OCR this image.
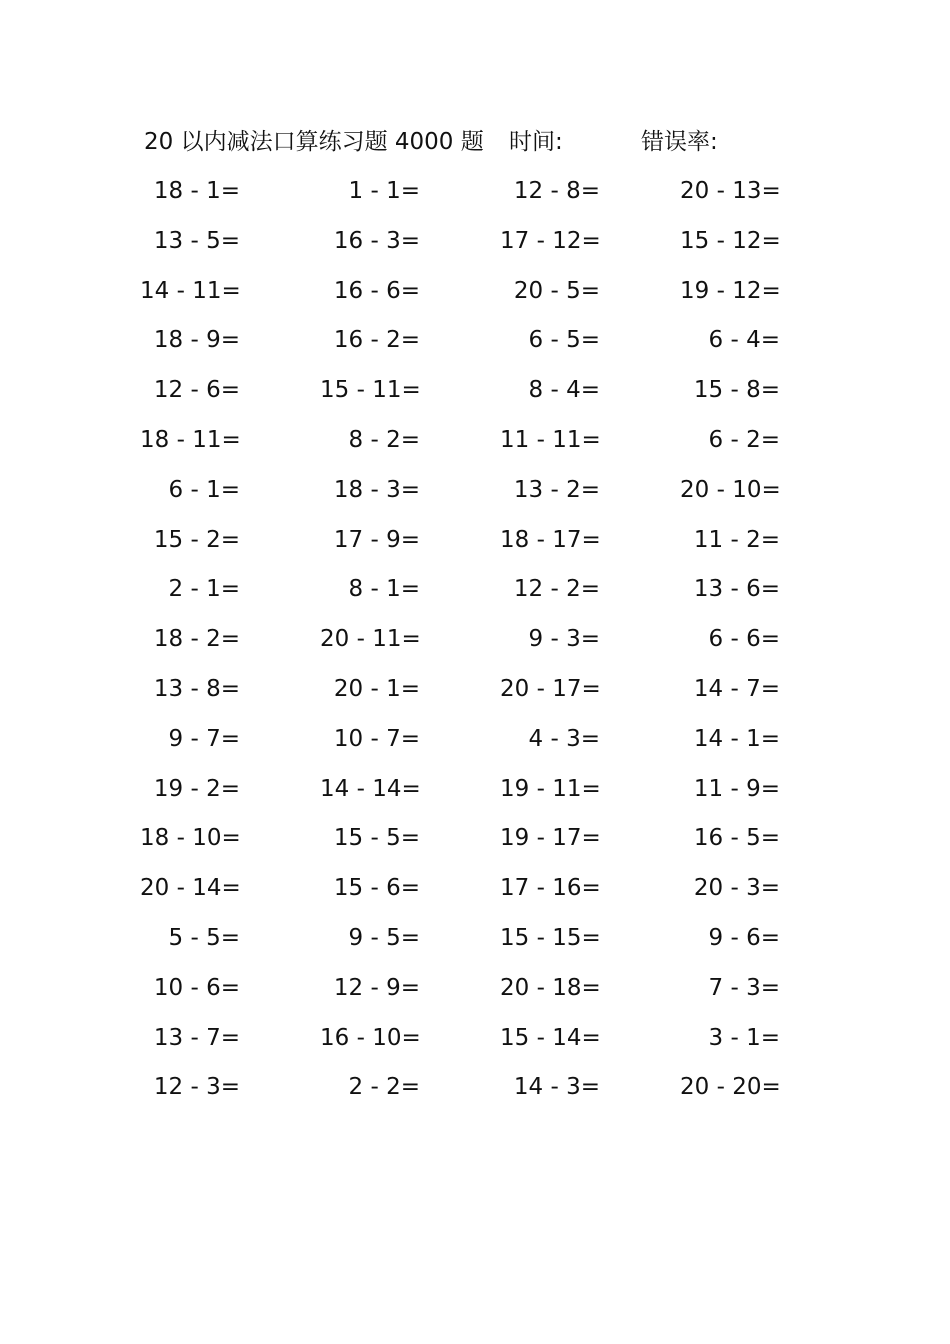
20 以内减法口算练习题 4000 题 时间:	错误率:
18 - 1=	1 - 1=	12 - 8=	20 - 13=
13 - 5=	16 - 3=	17 - 12=	15 - 12=
14 - 11=	16 - 6=	20 - 5=	19 - 12=
18 - 9=	16 - 2=	6 - 5=	6 - 4=
12 - 6=	15 - 11=	8 - 4=	15 - 8=
18 - 11=	8 - 2=	11 - 11=	6 - 2=
6 - 1=	18 - 3=	13 - 2=	20 - 10=
15 - 2=	17 - 9=	18 - 17=	11 - 2=
2 - 1=	8 - 1=	12 - 2=	13 - 6=
18 - 2=	20 - 11=	9 - 3=	6 - 6=
13 - 8=	20 - 1=	20 - 17=	14 - 7=
9 - 7=	10 - 7=	4 - 3=	14 - 1=
19 - 2=	14 - 14=	19 - 11=	11 - 9=
18 - 10=	15 - 5=	19 - 17=	16 - 5=
20 - 14=	15 - 6=	17 - 16=	20 - 3=
5 - 5=	9 - 5=	15 - 15=	9 - 6=
10 - 6=	12 - 9=	20 - 18=	7 - 3=
13 - 7=	16 - 10=	15 - 14=	3 - 1=
12 - 3=	2 - 2=	14 - 3=	20 - 20=
